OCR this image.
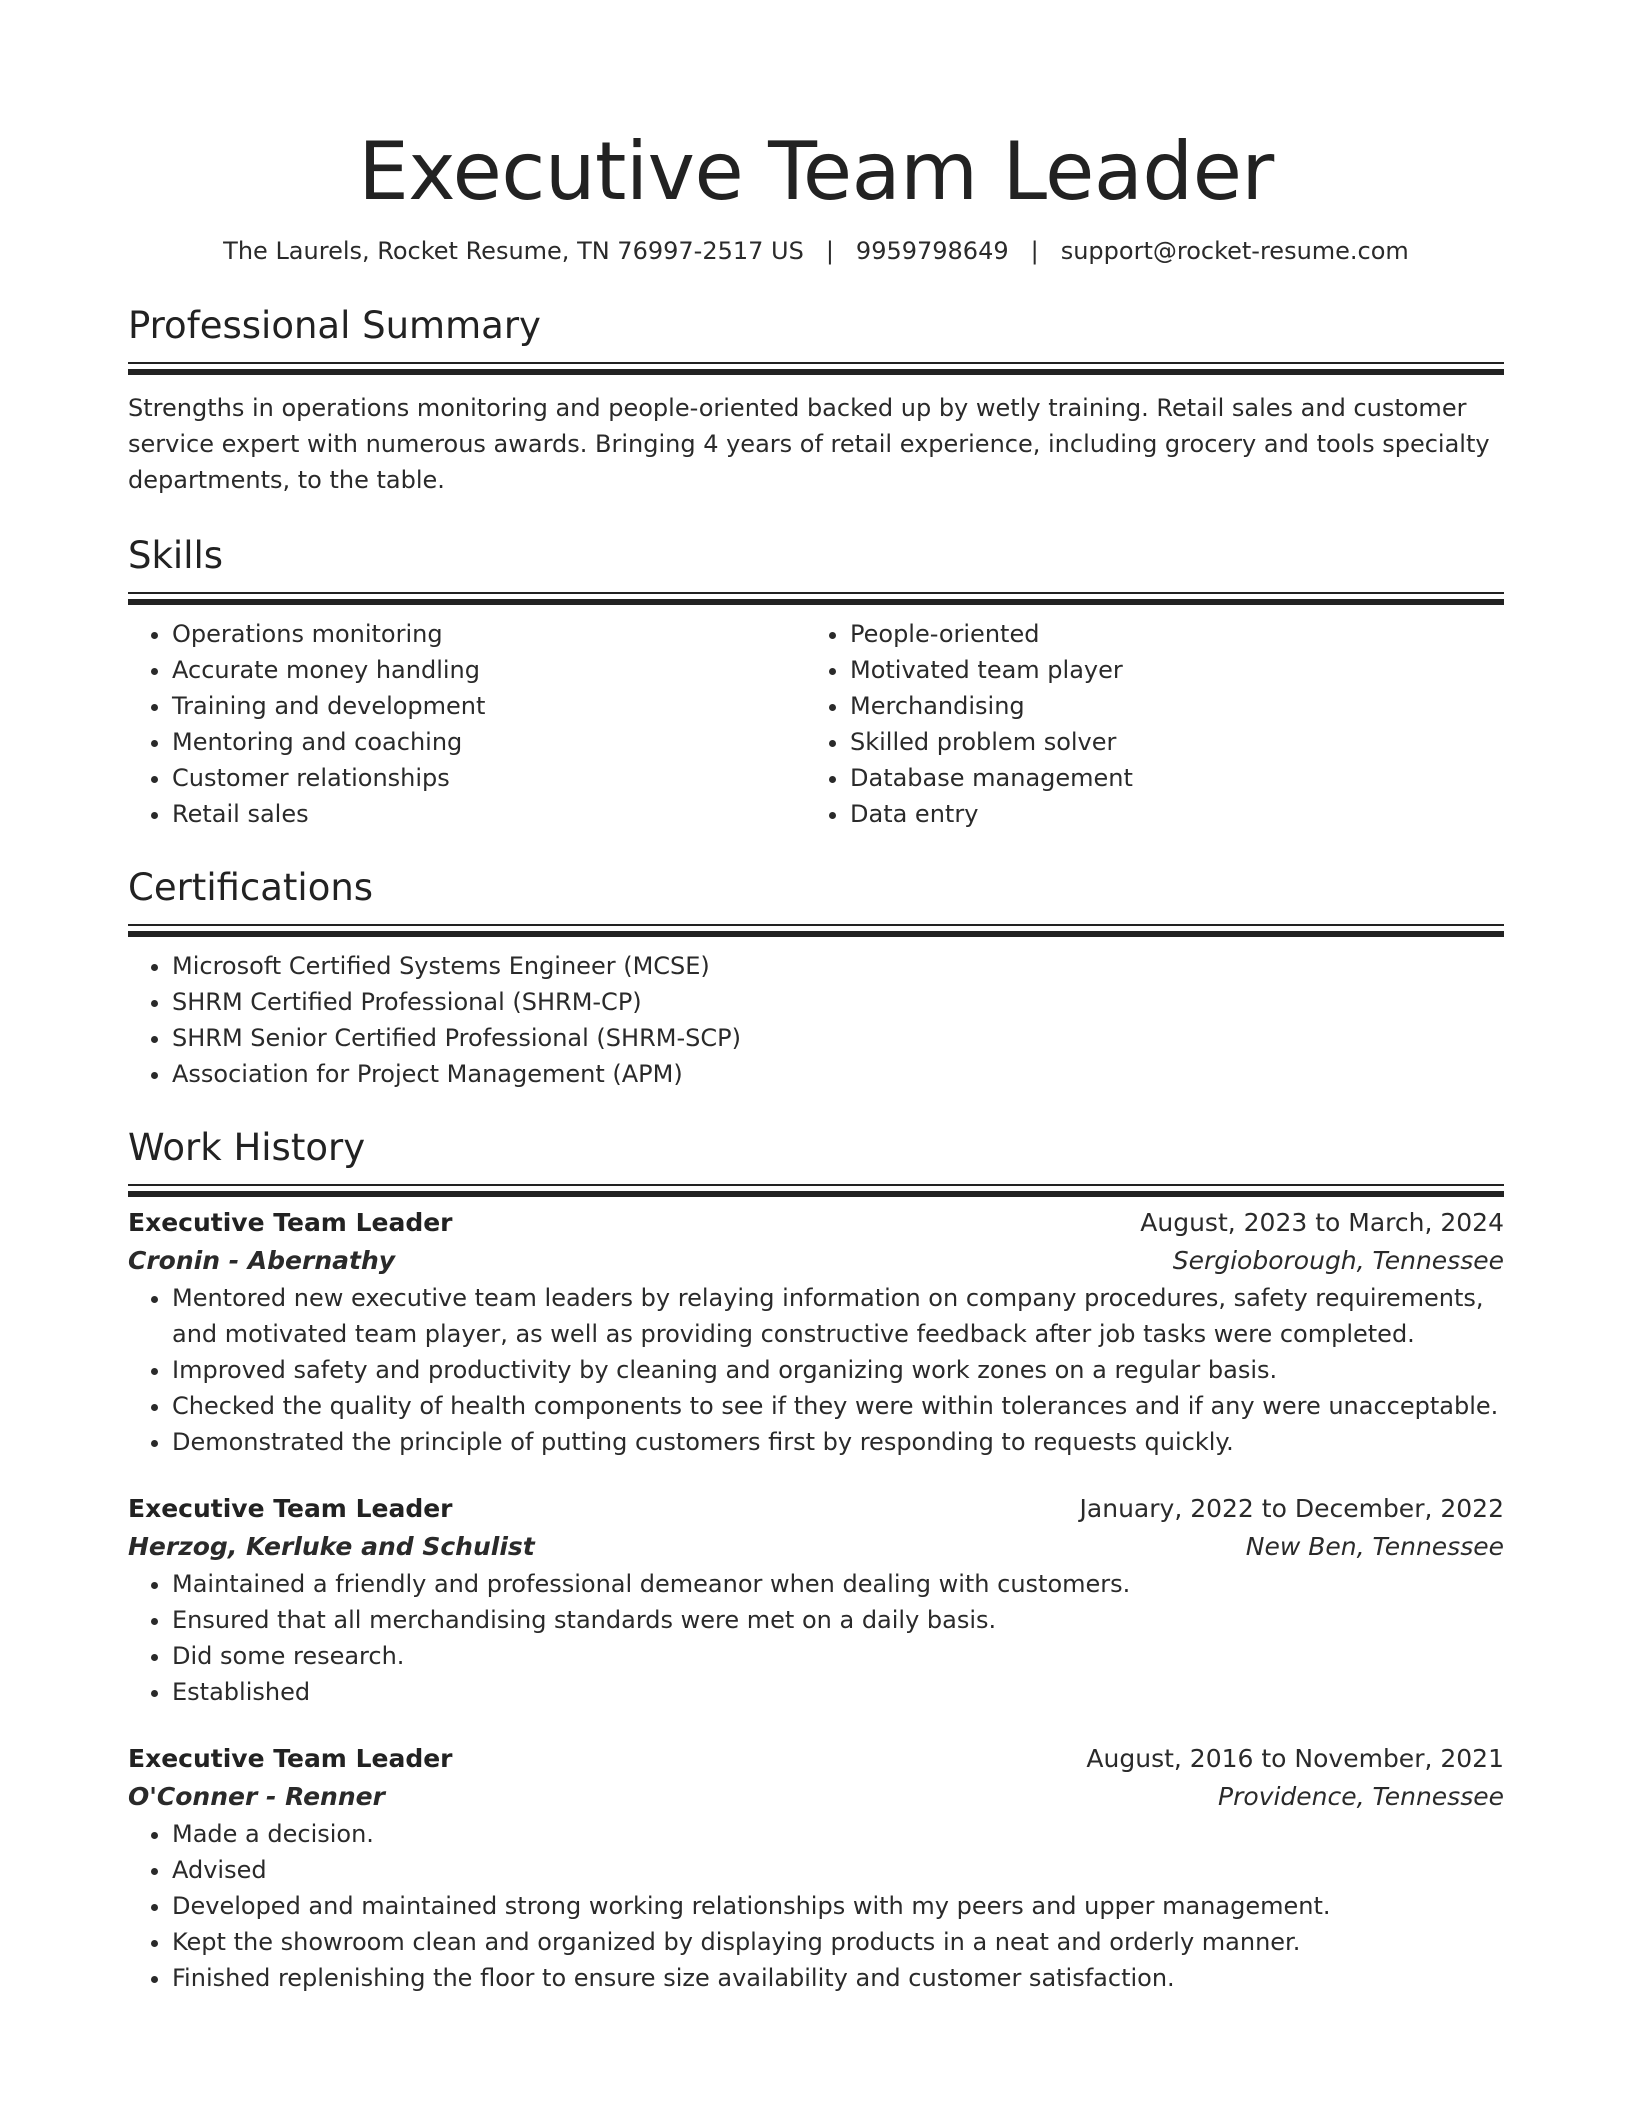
Executive Team Leader
The Laurels, Rocket Resume, TN 76997-2517 US | 9959798649 | support@rocket-resume.com
Professional Summary

Strengths in operations monitoring and people-oriented backed up by wetly training. Retail sales and customer service expert with numerous awards. Bringing 4 years of retail experience, including grocery and tools specialty departments, to the table.

Skills
• Operations monitoring
• Accurate money handling
• Training and development
• Mentoring and coaching
• Customer relationships
• Retail sales
• People-oriented
• Motivated team player
• Merchandising
• Skilled problem solver
• Database management
• Data entry
Certifications
• Microsoft Certified Systems Engineer (MCSE)
• SHRM Certified Professional (SHRM-CP)
• SHRM Senior Certified Professional (SHRM-SCP)
• Association for Project Management (APM)
Work History
Executive Team Leader	August, 2023 to March, 2024
Cronin - Abernathy	Sergioborough, Tennessee
• Mentored new executive team leaders by relaying information on company procedures, safety requirements, and motivated team player, as well as providing constructive feedback after job tasks were completed.
• Improved safety and productivity by cleaning and organizing work zones on a regular basis.
• Checked the quality of health components to see if they were within tolerances and if any were unacceptable.
• Demonstrated the principle of putting customers first by responding to requests quickly.
Executive Team Leader	January, 2022 to December, 2022
Herzog, Kerluke and Schulist	New Ben, Tennessee
• Maintained a friendly and professional demeanor when dealing with customers.
• Ensured that all merchandising standards were met on a daily basis.
• Did some research.
• Established
Executive Team Leader	August, 2016 to November, 2021
O'Conner - Renner	Providence, Tennessee
• Made a decision.
• Advised
• Developed and maintained strong working relationships with my peers and upper management.
• Kept the showroom clean and organized by displaying products in a neat and orderly manner.
• Finished replenishing the floor to ensure size availability and customer satisfaction.
